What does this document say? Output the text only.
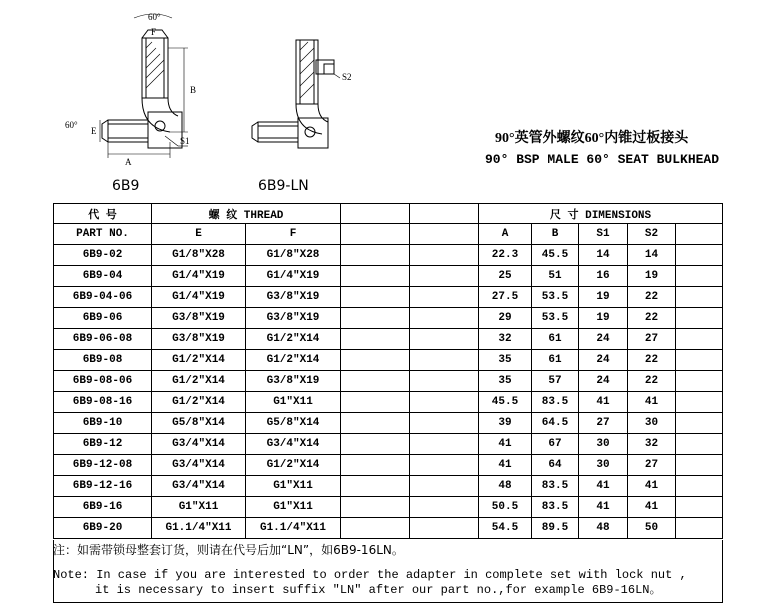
60°
F
B
60°
E
A
S1
6B9
S2
6B9-LN
90°英管外螺纹60°内锥过板接头
90° BSP MALE 60° SEAT BULKHEAD
代 号	螺 纹 THREAD				尺 寸 DIMENSIONS				
PART NO.	E	F			A	B	S1	S2	
6B9-02	G1/8″X28	G1/8″X28			22.3	45.5	14	14	
6B9-04	G1/4″X19	G1/4″X19			25	51	16	19	
6B9-04-06	G1/4″X19	G3/8″X19			27.5	53.5	19	22	
6B9-06	G3/8″X19	G3/8″X19			29	53.5	19	22	
6B9-06-08	G3/8″X19	G1/2″X14			32	61	24	27	
6B9-08	G1/2″X14	G1/2″X14			35	61	24	22	
6B9-08-06	G1/2″X14	G3/8″X19			35	57	24	22	
6B9-08-16	G1/2″X14	G1″X11			45.5	83.5	41	41	
6B9-10	G5/8″X14	G5/8″X14			39	64.5	27	30	
6B9-12	G3/4″X14	G3/4″X14			41	67	30	32	
6B9-12-08	G3/4″X14	G1/2″X14			41	64	30	27	
6B9-12-16	G3/4″X14	G1″X11			48	83.5	41	41	
6B9-16	G1″X11	G1″X11			50.5	83.5	41	41	
6B9-20	G1.1/4″X11	G1.1/4″X11			54.5	89.5	48	50	
注：如需带锁母整套订货，则请在代号后加“LN”，如6B9-16LN。
Note: In case if you are interested to order the adapter in complete set with lock nut ,
it is necessary to insert suffix ″LN″ after our part no.,for example 6B9-16LN。
